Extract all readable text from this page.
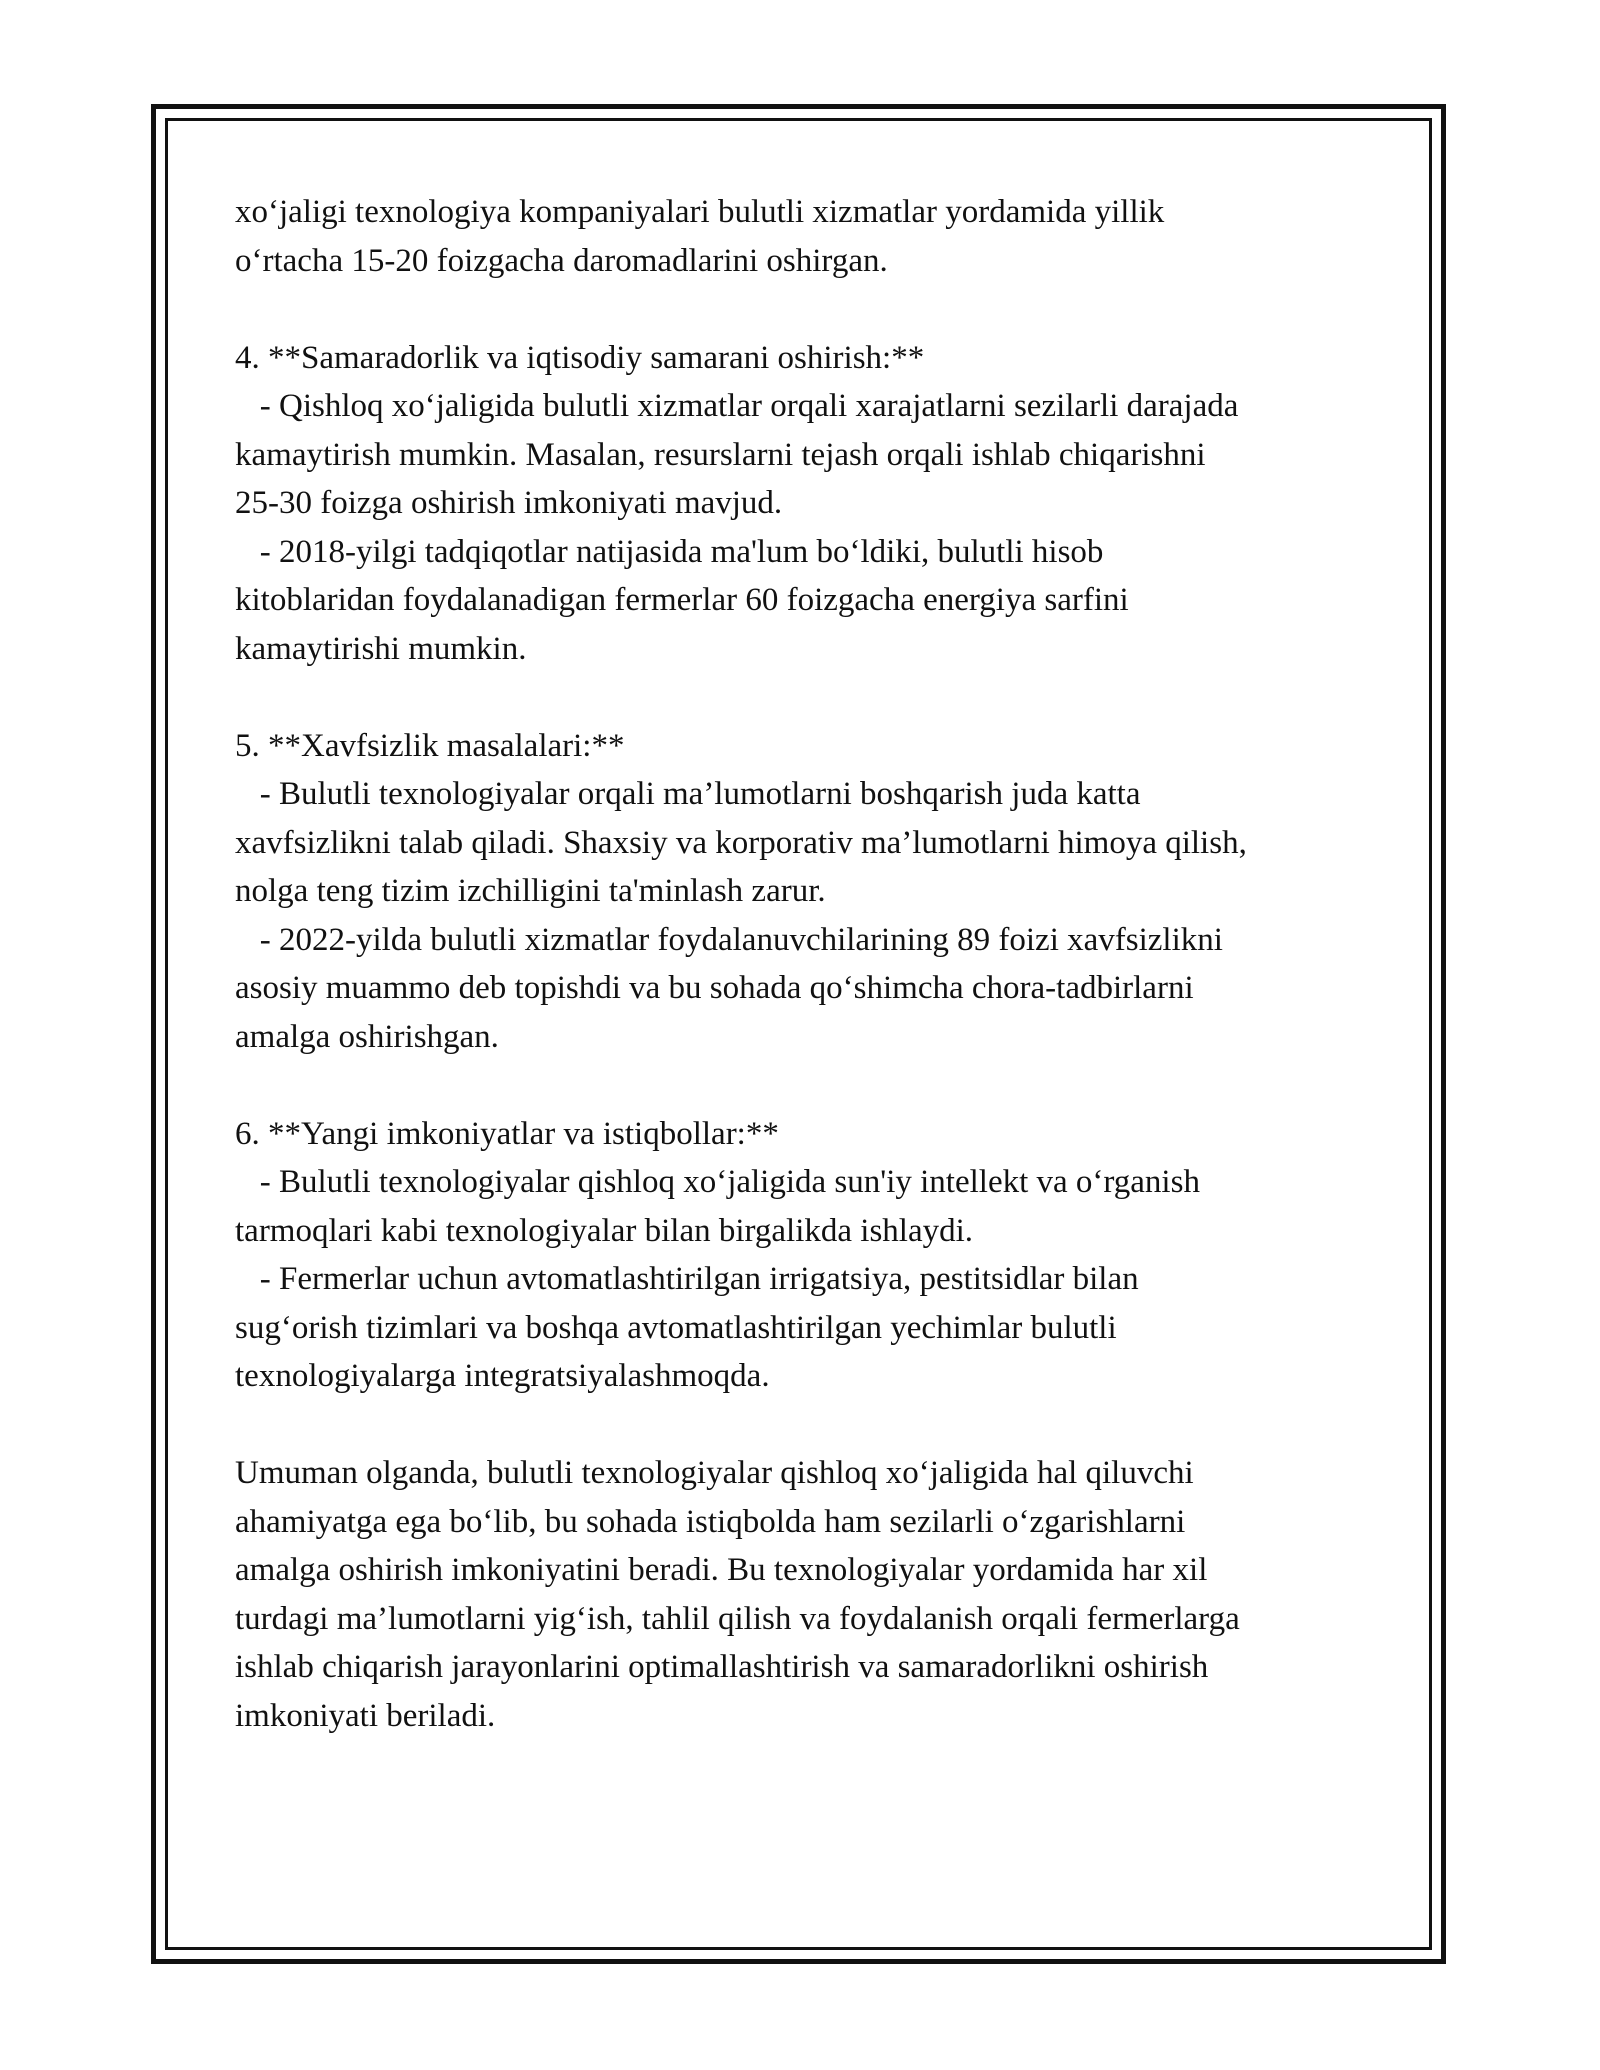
xo‘jaligi texnologiya kompaniyalari bulutli xizmatlar yordamida yillik
o‘rtacha 15-20 foizgacha daromadlarini oshirgan.
4. **Samaradorlik va iqtisodiy samarani oshirish:**
- Qishloq xo‘jaligida bulutli xizmatlar orqali xarajatlarni sezilarli darajada
kamaytirish mumkin. Masalan, resurslarni tejash orqali ishlab chiqarishni
25-30 foizga oshirish imkoniyati mavjud.
- 2018-yilgi tadqiqotlar natijasida ma'lum bo‘ldiki, bulutli hisob
kitoblaridan foydalanadigan fermerlar 60 foizgacha energiya sarfini
kamaytirishi mumkin.
5. **Xavfsizlik masalalari:**
- Bulutli texnologiyalar orqali ma’lumotlarni boshqarish juda katta
xavfsizlikni talab qiladi. Shaxsiy va korporativ ma’lumotlarni himoya qilish,
nolga teng tizim izchilligini ta'minlash zarur.
- 2022-yilda bulutli xizmatlar foydalanuvchilarining 89 foizi xavfsizlikni
asosiy muammo deb topishdi va bu sohada qo‘shimcha chora-tadbirlarni
amalga oshirishgan.
6. **Yangi imkoniyatlar va istiqbollar:**
- Bulutli texnologiyalar qishloq xo‘jaligida sun'iy intellekt va o‘rganish
tarmoqlari kabi texnologiyalar bilan birgalikda ishlaydi.
- Fermerlar uchun avtomatlashtirilgan irrigatsiya, pestitsidlar bilan
sug‘orish tizimlari va boshqa avtomatlashtirilgan yechimlar bulutli
texnologiyalarga integratsiyalashmoqda.
Umuman olganda, bulutli texnologiyalar qishloq xo‘jaligida hal qiluvchi
ahamiyatga ega bo‘lib, bu sohada istiqbolda ham sezilarli o‘zgarishlarni
amalga oshirish imkoniyatini beradi. Bu texnologiyalar yordamida har xil
turdagi ma’lumotlarni yig‘ish, tahlil qilish va foydalanish orqali fermerlarga
ishlab chiqarish jarayonlarini optimallashtirish va samaradorlikni oshirish
imkoniyati beriladi.
